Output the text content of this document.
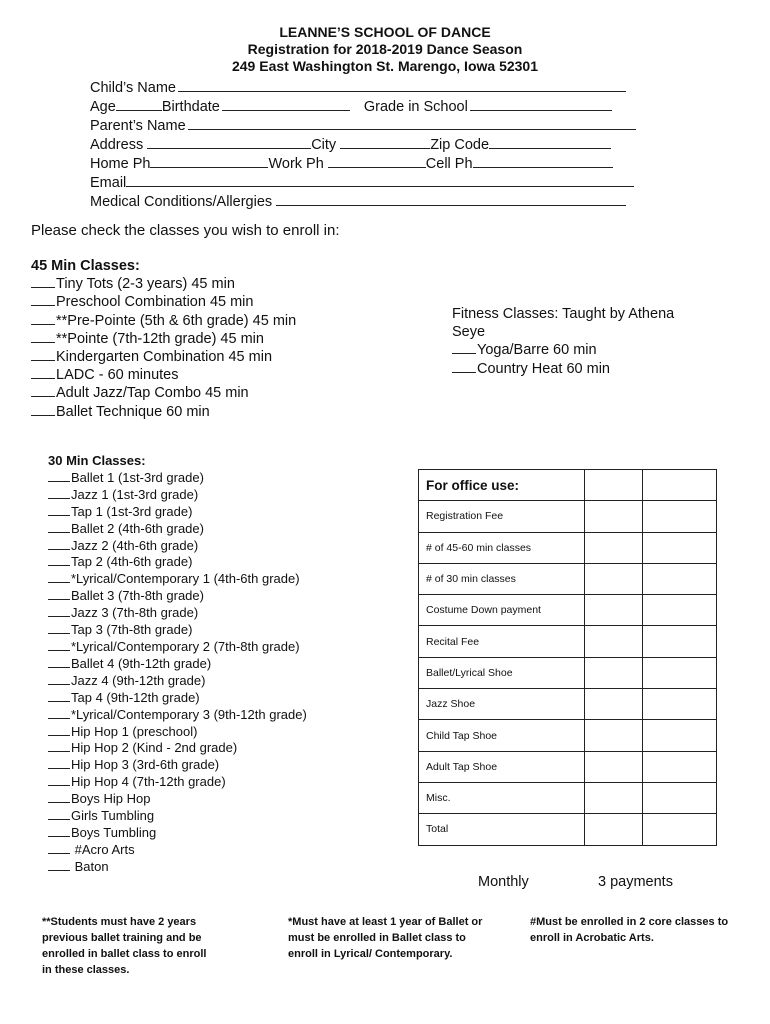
LEANNE’S SCHOOL OF DANCE
Registration for 2018-2019 Dance Season
249 East Washington St. Marengo, Iowa 52301
Child’s Name
Age	Birthdate	Grade in School
Parent’s Name
Address	City	Zip Code
Home Ph	Work Ph	Cell Ph
Email
Medical Conditions/Allergies
Please check the classes you wish to enroll in:
45 Min Classes:
Tiny Tots (2-3 years) 45 min
Preschool Combination 45 min
**Pre-Pointe (5th & 6th grade) 45 min
**Pointe (7th-12th grade) 45 min
Kindergarten Combination 45 min
LADC - 60 minutes
Adult Jazz/Tap Combo 45 min
Ballet Technique 60 min
Fitness Classes: Taught by Athena Seye
Yoga/Barre 60 min
Country Heat 60 min
30 Min Classes:
Ballet 1 (1st-3rd grade)
Jazz 1 (1st-3rd grade)
Tap 1 (1st-3rd grade)
Ballet 2 (4th-6th grade)
Jazz 2 (4th-6th grade)
Tap 2 (4th-6th grade)
*Lyrical/Contemporary 1 (4th-6th grade)
Ballet 3 (7th-8th grade)
Jazz 3 (7th-8th grade)
Tap 3 (7th-8th grade)
*Lyrical/Contemporary 2 (7th-8th grade)
Ballet 4 (9th-12th grade)
Jazz 4 (9th-12th grade)
Tap 4 (9th-12th grade)
*Lyrical/Contemporary 3 (9th-12th grade)
Hip Hop 1 (preschool)
Hip Hop 2 (Kind - 2nd grade)
Hip Hop 3 (3rd-6th grade)
Hip Hop 4 (7th-12th grade)
Boys Hip Hop
Girls Tumbling
Boys Tumbling
#Acro Arts
Baton
For office use:		
Registration Fee		
# of 45-60 min classes		
# of 30 min classes		
Costume Down payment		
Recital Fee		
Ballet/Lyrical Shoe		
Jazz Shoe		
Child Tap Shoe		
Adult Tap Shoe		
Misc.		
Total		
Monthly	3 payments
**Students must have 2 years previous ballet training and be enrolled in ballet class to enroll in these classes.
*Must have at least 1 year of Ballet or must be enrolled in Ballet class to enroll in Lyrical/ Contemporary.
#Must be enrolled in 2 core classes to enroll in Acrobatic Arts.
